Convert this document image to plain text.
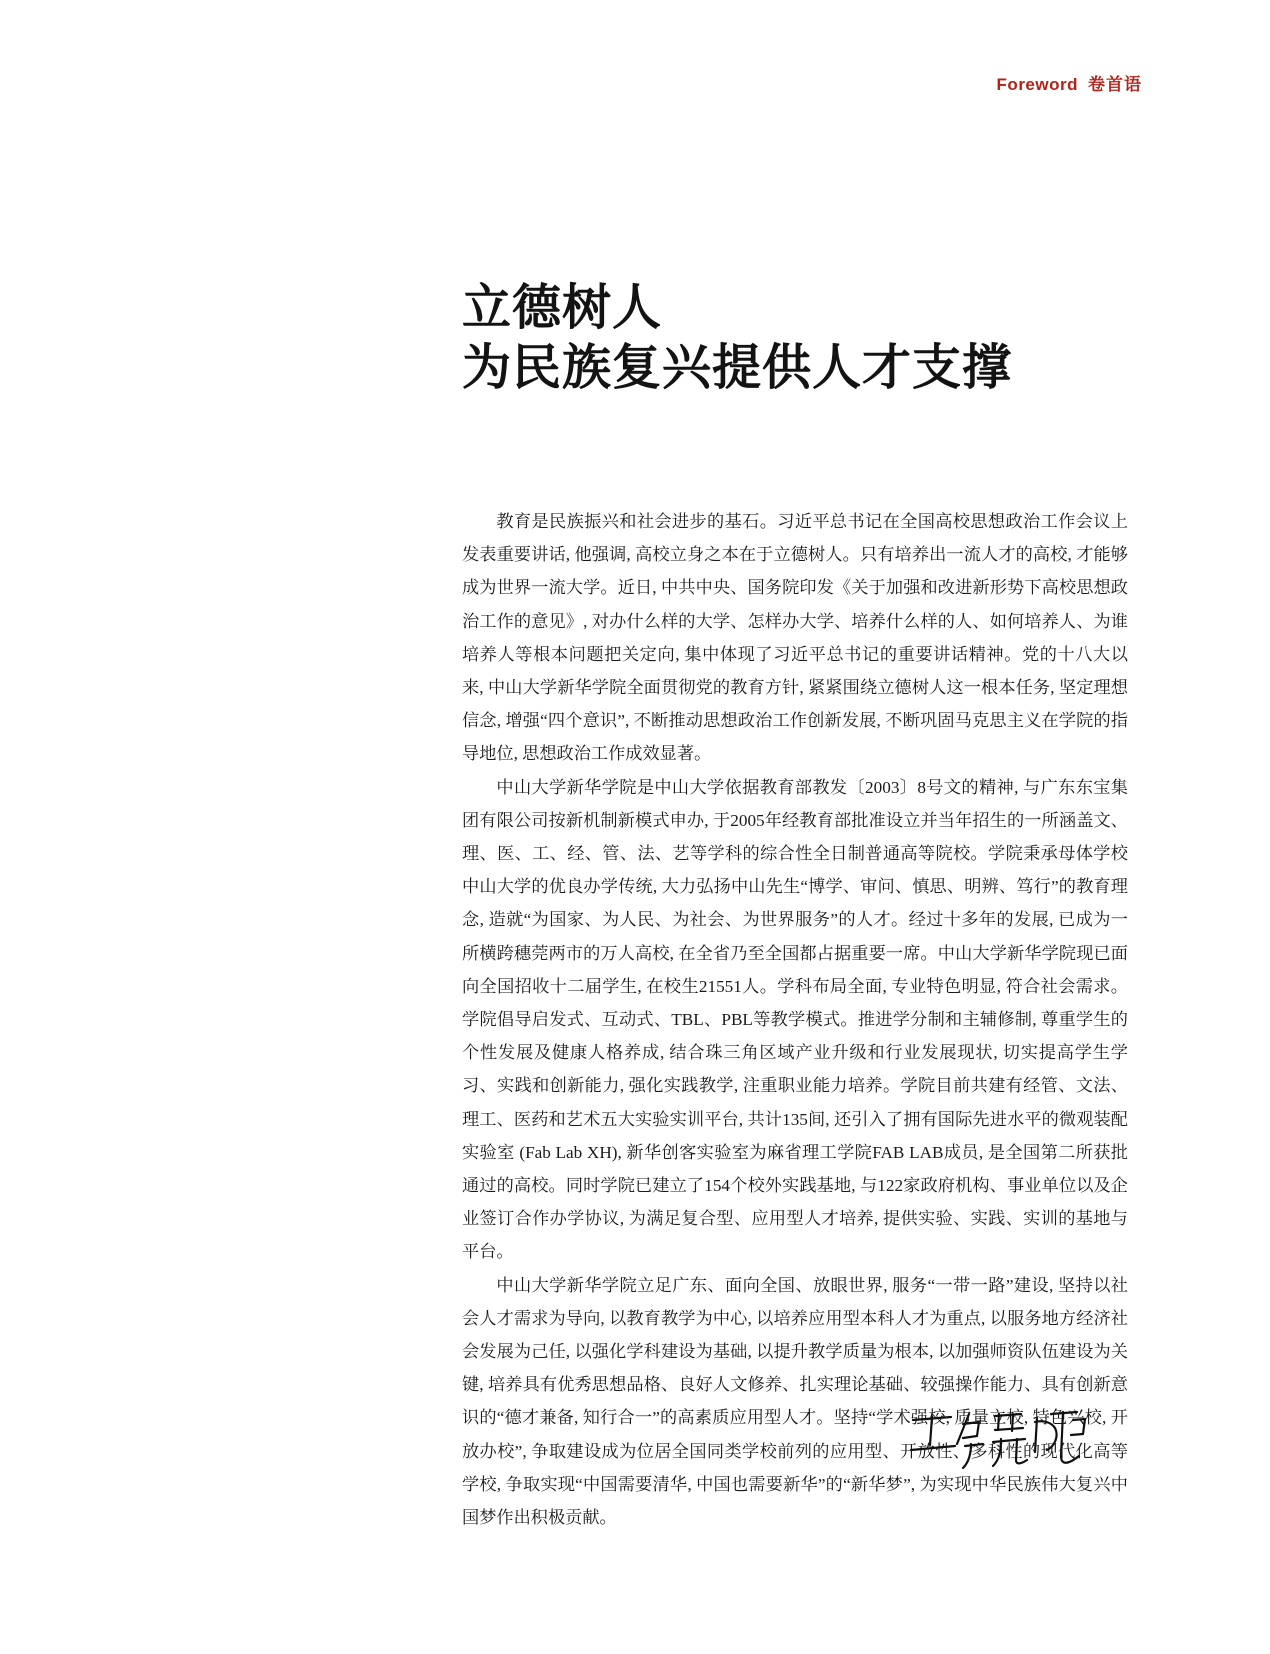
Foreword 卷首语
立德树人
为民族复兴提供人才支撑

教育是民族振兴和社会进步的基石。习近平总书记在全国高校思想政治工作会议上发表重要讲话, 他强调, 高校立身之本在于立德树人。只有培养出一流人才的高校, 才能够成为世界一流大学。近日, 中共中央、国务院印发《关于加强和改进新形势下高校思想政治工作的意见》, 对办什么样的大学、怎样办大学、培养什么样的人、如何培养人、为谁培养人等根本问题把关定向, 集中体现了习近平总书记的重要讲话精神。党的十八大以来, 中山大学新华学院全面贯彻党的教育方针, 紧紧围绕立德树人这一根本任务, 坚定理想信念, 增强“四个意识”, 不断推动思想政治工作创新发展, 不断巩固马克思主义在学院的指导地位, 思想政治工作成效显著。

中山大学新华学院是中山大学依据教育部教发〔2003〕8号文的精神, 与广东东宝集团有限公司按新机制新模式申办, 于2005年经教育部批准设立并当年招生的一所涵盖文、理、医、工、经、管、法、艺等学科的综合性全日制普通高等院校。学院秉承母体学校中山大学的优良办学传统, 大力弘扬中山先生“博学、审问、慎思、明辨、笃行”的教育理念, 造就“为国家、为人民、为社会、为世界服务”的人才。经过十多年的发展, 已成为一所横跨穗莞两市的万人高校, 在全省乃至全国都占据重要一席。中山大学新华学院现已面向全国招收十二届学生, 在校生21551人。学科布局全面, 专业特色明显, 符合社会需求。学院倡导启发式、互动式、TBL、PBL等教学模式。推进学分制和主辅修制, 尊重学生的个性发展及健康人格养成, 结合珠三角区域产业升级和行业发展现状, 切实提高学生学习、实践和创新能力, 强化实践教学, 注重职业能力培养。学院目前共建有经管、文法、理工、医药和艺术五大实验实训平台, 共计135间, 还引入了拥有国际先进水平的微观装配实验室 (Fab Lab XH), 新华创客实验室为麻省理工学院FAB LAB成员, 是全国第二所获批通过的高校。同时学院已建立了154个校外实践基地, 与122家政府机构、事业单位以及企业签订合作办学协议, 为满足复合型、应用型人才培养, 提供实验、实践、实训的基地与平台。

中山大学新华学院立足广东、面向全国、放眼世界, 服务“一带一路”建设, 坚持以社会人才需求为导向, 以教育教学为中心, 以培养应用型本科人才为重点, 以服务地方经济社会发展为己任, 以强化学科建设为基础, 以提升教学质量为根本, 以加强师资队伍建设为关键, 培养具有优秀思想品格、良好人文修养、扎实理论基础、较强操作能力、具有创新意识的“德才兼备, 知行合一”的高素质应用型人才。坚持“学术强校, 质量立校, 特色兴校, 开放办校”, 争取建设成为位居全国同类学校前列的应用型、开放性、多科性的现代化高等学校, 争取实现“中国需要清华, 中国也需要新华”的“新华梦”, 为实现中华民族伟大复兴中国梦作出积极贡献。
